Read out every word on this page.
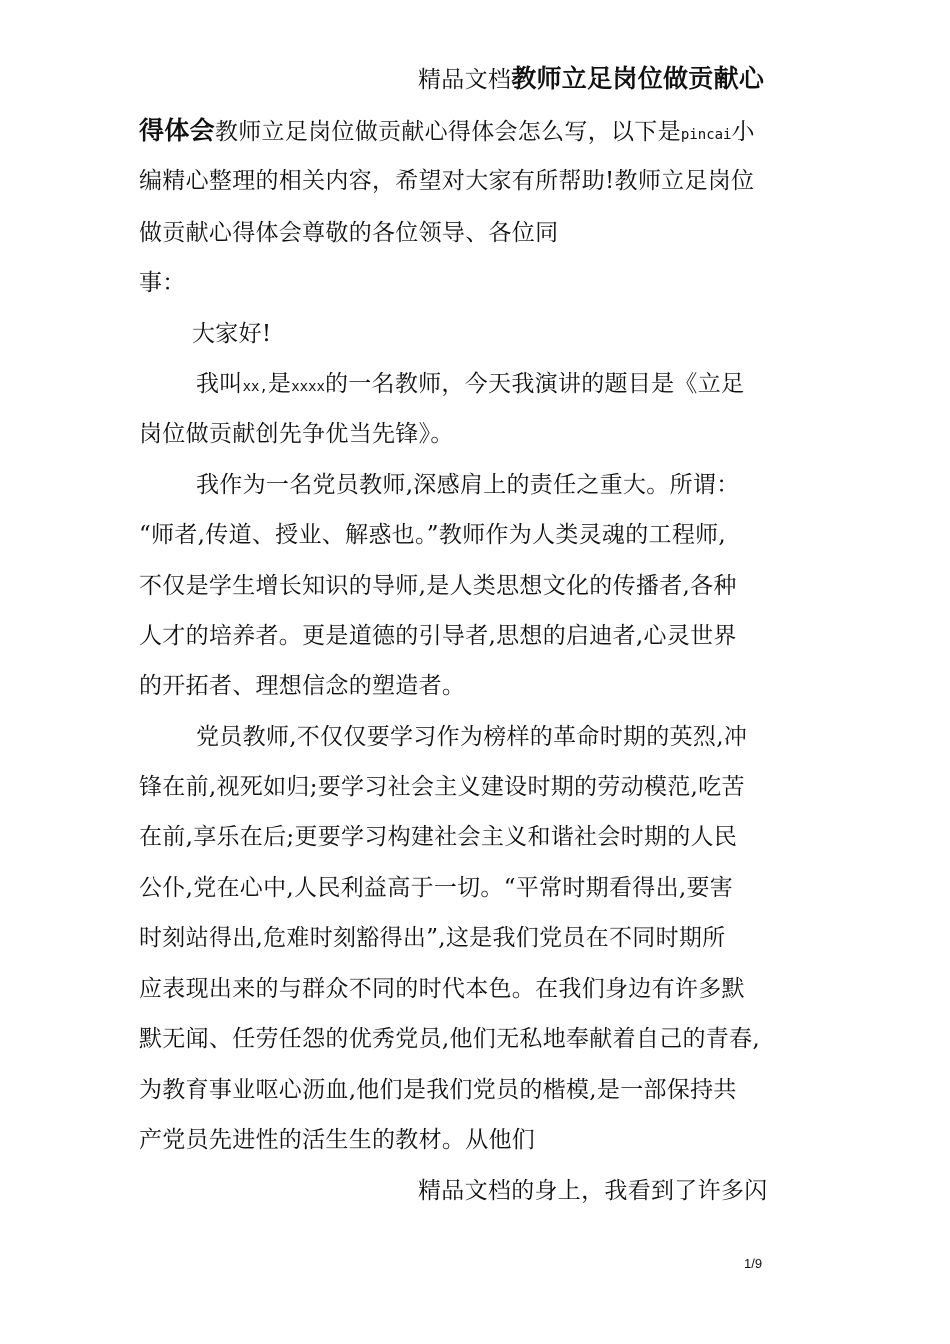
精品文档教师立足岗位做贡献心
得体会教师立足岗位做贡献心得体会怎么写，以下是pincai小
编精心整理的相关内容，希望对大家有所帮助!教师立足岗位
做贡献心得体会尊敬的各位领导、各位同
事：
大家好!
我叫xx,是xxxx的一名教师，今天我演讲的题目是《立足
岗位做贡献创先争优当先锋》。
我作为一名党员教师,深感肩上的责任之重大。所谓：
“师者,传道、授业、解惑也。”教师作为人类灵魂的工程师,
不仅是学生增长知识的导师,是人类思想文化的传播者,各种
人才的培养者。更是道德的引导者,思想的启迪者,心灵世界
的开拓者、理想信念的塑造者。
党员教师,不仅仅要学习作为榜样的革命时期的英烈,冲
锋在前,视死如归;要学习社会主义建设时期的劳动模范,吃苦
在前,享乐在后;更要学习构建社会主义和谐社会时期的人民
公仆,党在心中,人民利益高于一切。“平常时期看得出,要害
时刻站得出,危难时刻豁得出”,这是我们党员在不同时期所
应表现出来的与群众不同的时代本色。在我们身边有许多默
默无闻、任劳任怨的优秀党员,他们无私地奉献着自己的青春,
为教育事业呕心沥血,他们是我们党员的楷模,是一部保持共
产党员先进性的活生生的教材。从他们
精品文档的身上，我看到了许多闪
1/9
